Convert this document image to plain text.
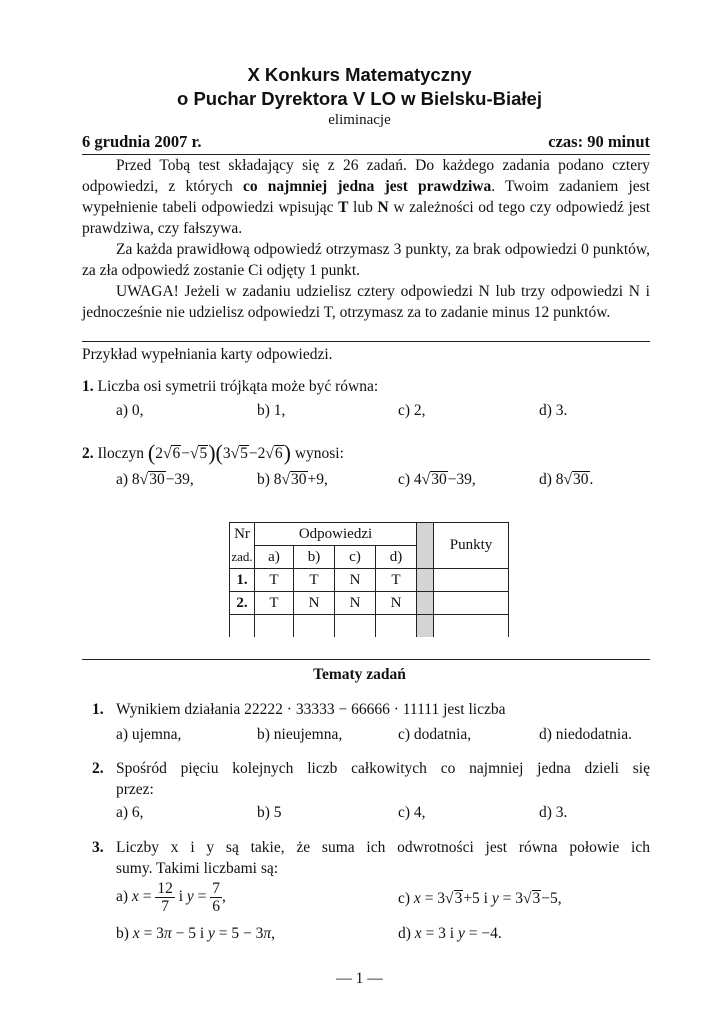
X Konkurs Matematyczny
o Puchar Dyrektora V LO w Bielsku-Białej
eliminacje
6 grudnia 2007 r.	czas: 90 minut
Przed Tobą test składający się z 26 zadań. Do każdego zadania podano cztery odpowiedzi, z których co najmniej jedna jest prawdziwa. Twoim zadaniem jest wypełnienie tabeli odpowiedzi wpisując T lub N w zależności od tego czy odpowiedź jest prawdziwa, czy fałszywa.
Za każda prawidłową odpowiedź otrzymasz 3 punkty, za brak odpowiedzi 0 punktów, za zła odpowiedź zostanie Ci odjęty 1 punkt.
UWAGA! Jeżeli w zadaniu udzielisz cztery odpowiedzi N lub trzy odpowiedzi N i jednocześnie nie udzielisz odpowiedzi T, otrzymasz za to zadanie minus 12 punktów.
Przykład wypełniania karty odpowiedzi.
1. Liczba osi symetrii trójkąta może być równa:
a) 0,	b) 1,	c) 2,	d) 3.
2. Iloczyn (2√6−√5)(3√5−2√6) wynosi:
a) 8√30−39,	b) 8√30+9,	c) 4√30−39,	d) 8√30.
Nr	Odpowiedzi					Punkty
zad.	a)	b)	c)	d)		
1.	T	T	N	T		
2.	T	N	N	N		

Tematy zadań
1. Wynikiem działania 22222 · 33333 − 66666 · 11111 jest liczba
a) ujemna,	b) nieujemna,	c) dodatnia,	d) niedodatnia.
2. Spośród pięciu kolejnych liczb całkowitych co najmniej jedna dzieli się
przez:
a) 6,	b) 5	c) 4,	d) 3.
3. Liczby x i y są takie, że suma ich odwrotności jest równa połowie ich
sumy. Takimi liczbami są:
a) $x = \frac{12}{7}$ i $y = \frac{7}{6}$ ,	c) x = 3√3+5 i y = 3√3−5,
b) x = 3π − 5 i y = 5 − 3π,	d) x = 3 i y = −4.
— 1 —
